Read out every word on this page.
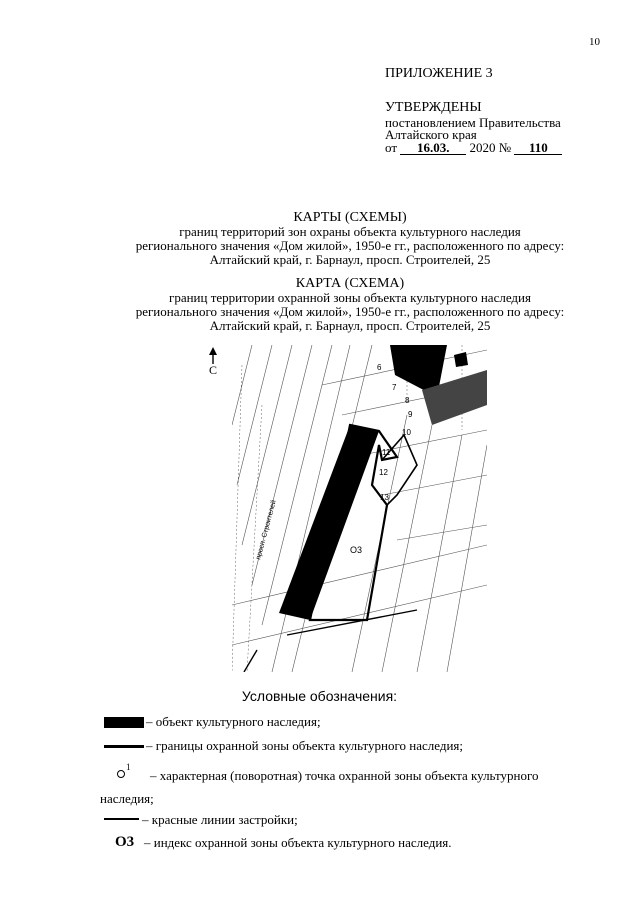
10
ПРИЛОЖЕНИЕ 3
УТВЕРЖДЕНЫ
постановлением Правительства
Алтайского края
от 16.03. 2020 № 110
КАРТЫ (СХЕМЫ)
границ территорий зон охраны объекта культурного наследия
регионального значения «Дом жилой», 1950-е гг., расположенного по адресу:
Алтайский край, г. Барнаул, просп. Строителей, 25
КАРТА (СХЕМА)
границ территории охранной зоны объекта культурного наследия
регионального значения «Дом жилой», 1950-е гг., расположенного по адресу:
Алтайский край, г. Барнаул, просп. Строителей, 25
С	6
7
8
9
10
11
12
13
О3
просп. Строителей
Условные обозначения:
– объект культурного наследия;
– границы охранной зоны объекта культурного наследия;
1
– характерная (поворотная) точка охранной зоны объекта культурного
наследия;
– красные линии застройки;
О3 – индекс охранной зоны объекта культурного наследия.
